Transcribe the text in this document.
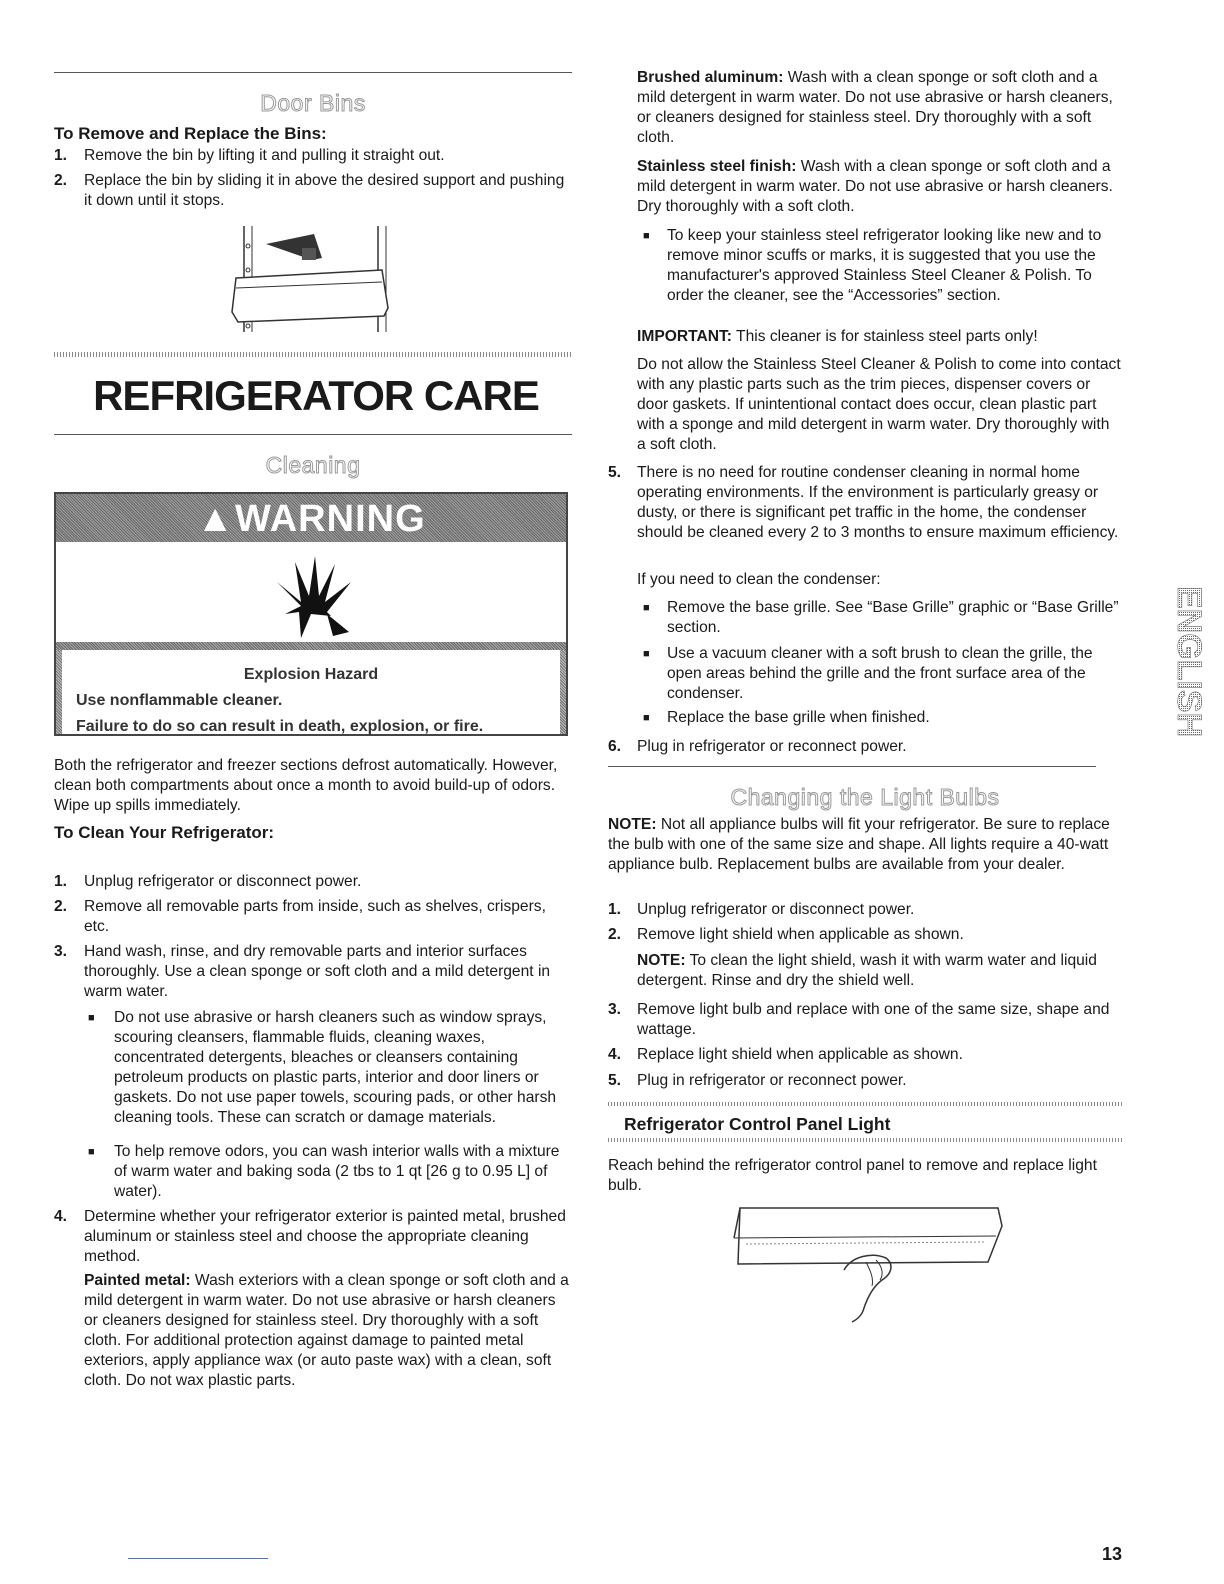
Door Bins
To Remove and Replace the Bins:
1. Remove the bin by lifting it and pulling it straight out.

2. Replace the bin by sliding it in above the desired support and pushing it down until it stops.

REFRIGERATOR CARE
Cleaning
▲WARNING
Explosion Hazard
Use nonflammable cleaner.
Failure to do so can result in death, explosion, or fire.

Both the refrigerator and freezer sections defrost automatically. However, clean both compartments about once a month to avoid build-up of odors. Wipe up spills immediately.

To Clean Your Refrigerator:
1. Unplug refrigerator or disconnect power.

2. Remove all removable parts from inside, such as shelves, crispers, etc.

3. Hand wash, rinse, and dry removable parts and interior surfaces thoroughly. Use a clean sponge or soft cloth and a mild detergent in warm water.

■ Do not use abrasive or harsh cleaners such as window sprays, scouring cleansers, flammable fluids, cleaning waxes, concentrated detergents, bleaches or cleansers containing petroleum products on plastic parts, interior and door liners or gaskets. Do not use paper towels, scouring pads, or other harsh cleaning tools. These can scratch or damage materials.

■ To help remove odors, you can wash interior walls with a mixture of warm water and baking soda (2 tbs to 1 qt [26 g to 0.95 L] of water).

4. Determine whether your refrigerator exterior is painted metal, brushed aluminum or stainless steel and choose the appropriate cleaning method.

Painted metal: Wash exteriors with a clean sponge or soft cloth and a mild detergent in warm water. Do not use abrasive or harsh cleaners or cleaners designed for stainless steel. Dry thoroughly with a soft cloth. For additional protection against damage to painted metal exteriors, apply appliance wax (or auto paste wax) with a clean, soft cloth. Do not wax plastic parts.

Brushed aluminum: Wash with a clean sponge or soft cloth and a mild detergent in warm water. Do not use abrasive or harsh cleaners, or cleaners designed for stainless steel. Dry thoroughly with a soft cloth.

Stainless steel finish: Wash with a clean sponge or soft cloth and a mild detergent in warm water. Do not use abrasive or harsh cleaners. Dry thoroughly with a soft cloth.

■ To keep your stainless steel refrigerator looking like new and to remove minor scuffs or marks, it is suggested that you use the manufacturer's approved Stainless Steel Cleaner & Polish. To order the cleaner, see the “Accessories” section.

IMPORTANT: This cleaner is for stainless steel parts only!

Do not allow the Stainless Steel Cleaner & Polish to come into contact with any plastic parts such as the trim pieces, dispenser covers or door gaskets. If unintentional contact does occur, clean plastic part with a sponge and mild detergent in warm water. Dry thoroughly with a soft cloth.

5. There is no need for routine condenser cleaning in normal home operating environments. If the environment is particularly greasy or dusty, or there is significant pet traffic in the home, the condenser should be cleaned every 2 to 3 months to ensure maximum efficiency.

If you need to clean the condenser:

■ Remove the base grille. See “Base Grille” graphic or “Base Grille” section.

■ Use a vacuum cleaner with a soft brush to clean the grille, the open areas behind the grille and the front surface area of the condenser.

■ Replace the base grille when finished.

6. Plug in refrigerator or reconnect power.

Changing the Light Bulbs

NOTE: Not all appliance bulbs will fit your refrigerator. Be sure to replace the bulb with one of the same size and shape. All lights require a 40-watt appliance bulb. Replacement bulbs are available from your dealer.

1. Unplug refrigerator or disconnect power.

2. Remove light shield when applicable as shown.

NOTE: To clean the light shield, wash it with warm water and liquid detergent. Rinse and dry the shield well.

3. Remove light bulb and replace with one of the same size, shape and wattage.

4. Replace light shield when applicable as shown.

5. Plug in refrigerator or reconnect power.

Refrigerator Control Panel Light

Reach behind the refrigerator control panel to remove and replace light bulb.

ENGLISH
13
